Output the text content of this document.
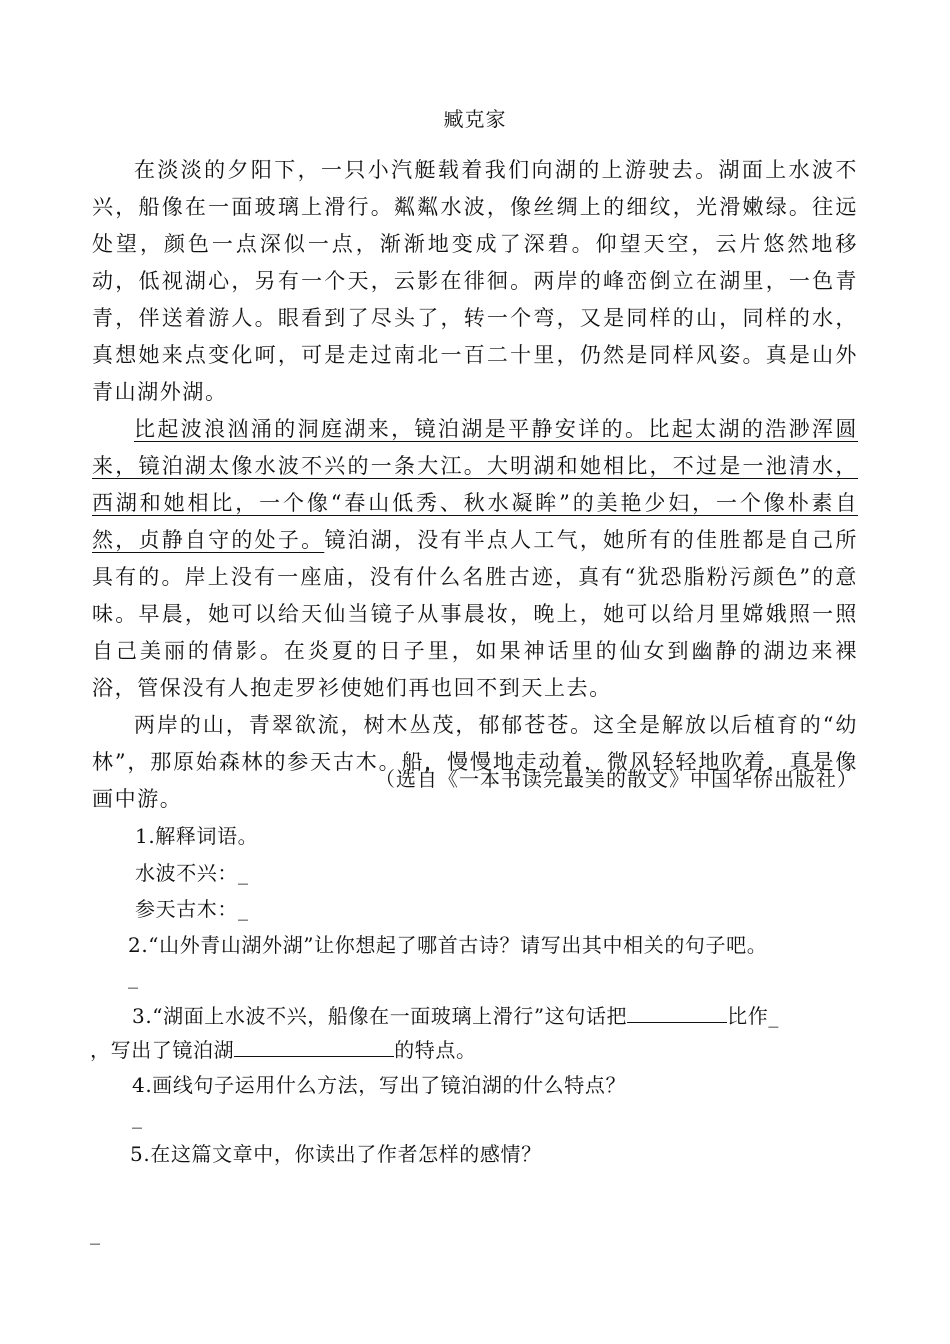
臧克家

在淡淡的夕阳下，一只小汽艇载着我们向湖的上游驶去。湖面上水波不兴，船像在一面玻璃上滑行。粼粼水波，像丝绸上的细纹，光滑嫩绿。往远处望，颜色一点深似一点，渐渐地变成了深碧。仰望天空，云片悠然地移动，低视湖心，另有一个天，云影在徘徊。两岸的峰峦倒立在湖里，一色青青，伴送着游人。眼看到了尽头了，转一个弯，又是同样的山，同样的水，真想她来点变化呵，可是走过南北一百二十里，仍然是同样风姿。真是山外青山湖外湖。

比起波浪汹涌的洞庭湖来，镜泊湖是平静安详的。比起太湖的浩渺浑圆来，镜泊湖太像水波不兴的一条大江。大明湖和她相比，不过是一池清水，西湖和她相比，一个像“春山低秀、秋水凝眸”的美艳少妇，一个像朴素自然，贞静自守的处子。镜泊湖，没有半点人工气，她所有的佳胜都是自己所具有的。岸上没有一座庙，没有什么名胜古迹，真有“犹恐脂粉污颜色”的意味。早晨，她可以给天仙当镜子从事晨妆，晚上，她可以给月里嫦娥照一照自己美丽的倩影。在炎夏的日子里，如果神话里的仙女到幽静的湖边来裸浴，管保没有人抱走罗衫使她们再也回不到天上去。

两岸的山，青翠欲流，树木丛茂，郁郁苍苍。这全是解放以后植育的“幼林”，那原始森林的参天古木。船，慢慢地走动着，微风轻轻地吹着，真是像画中游。

（选自《一本书读完最美的散文》中国华侨出版社）
1.解释词语。
水波不兴：_
参天古木：_
2.“山外青山湖外湖”让你想起了哪首古诗？请写出其中相关的句子吧。
_
3.“湖面上水波不兴，船像在一面玻璃上滑行”这句话把	比作_
，写出了镜泊湖	的特点。
4.画线句子运用什么方法，写出了镜泊湖的什么特点？
_
5.在这篇文章中，你读出了作者怎样的感情？
_
